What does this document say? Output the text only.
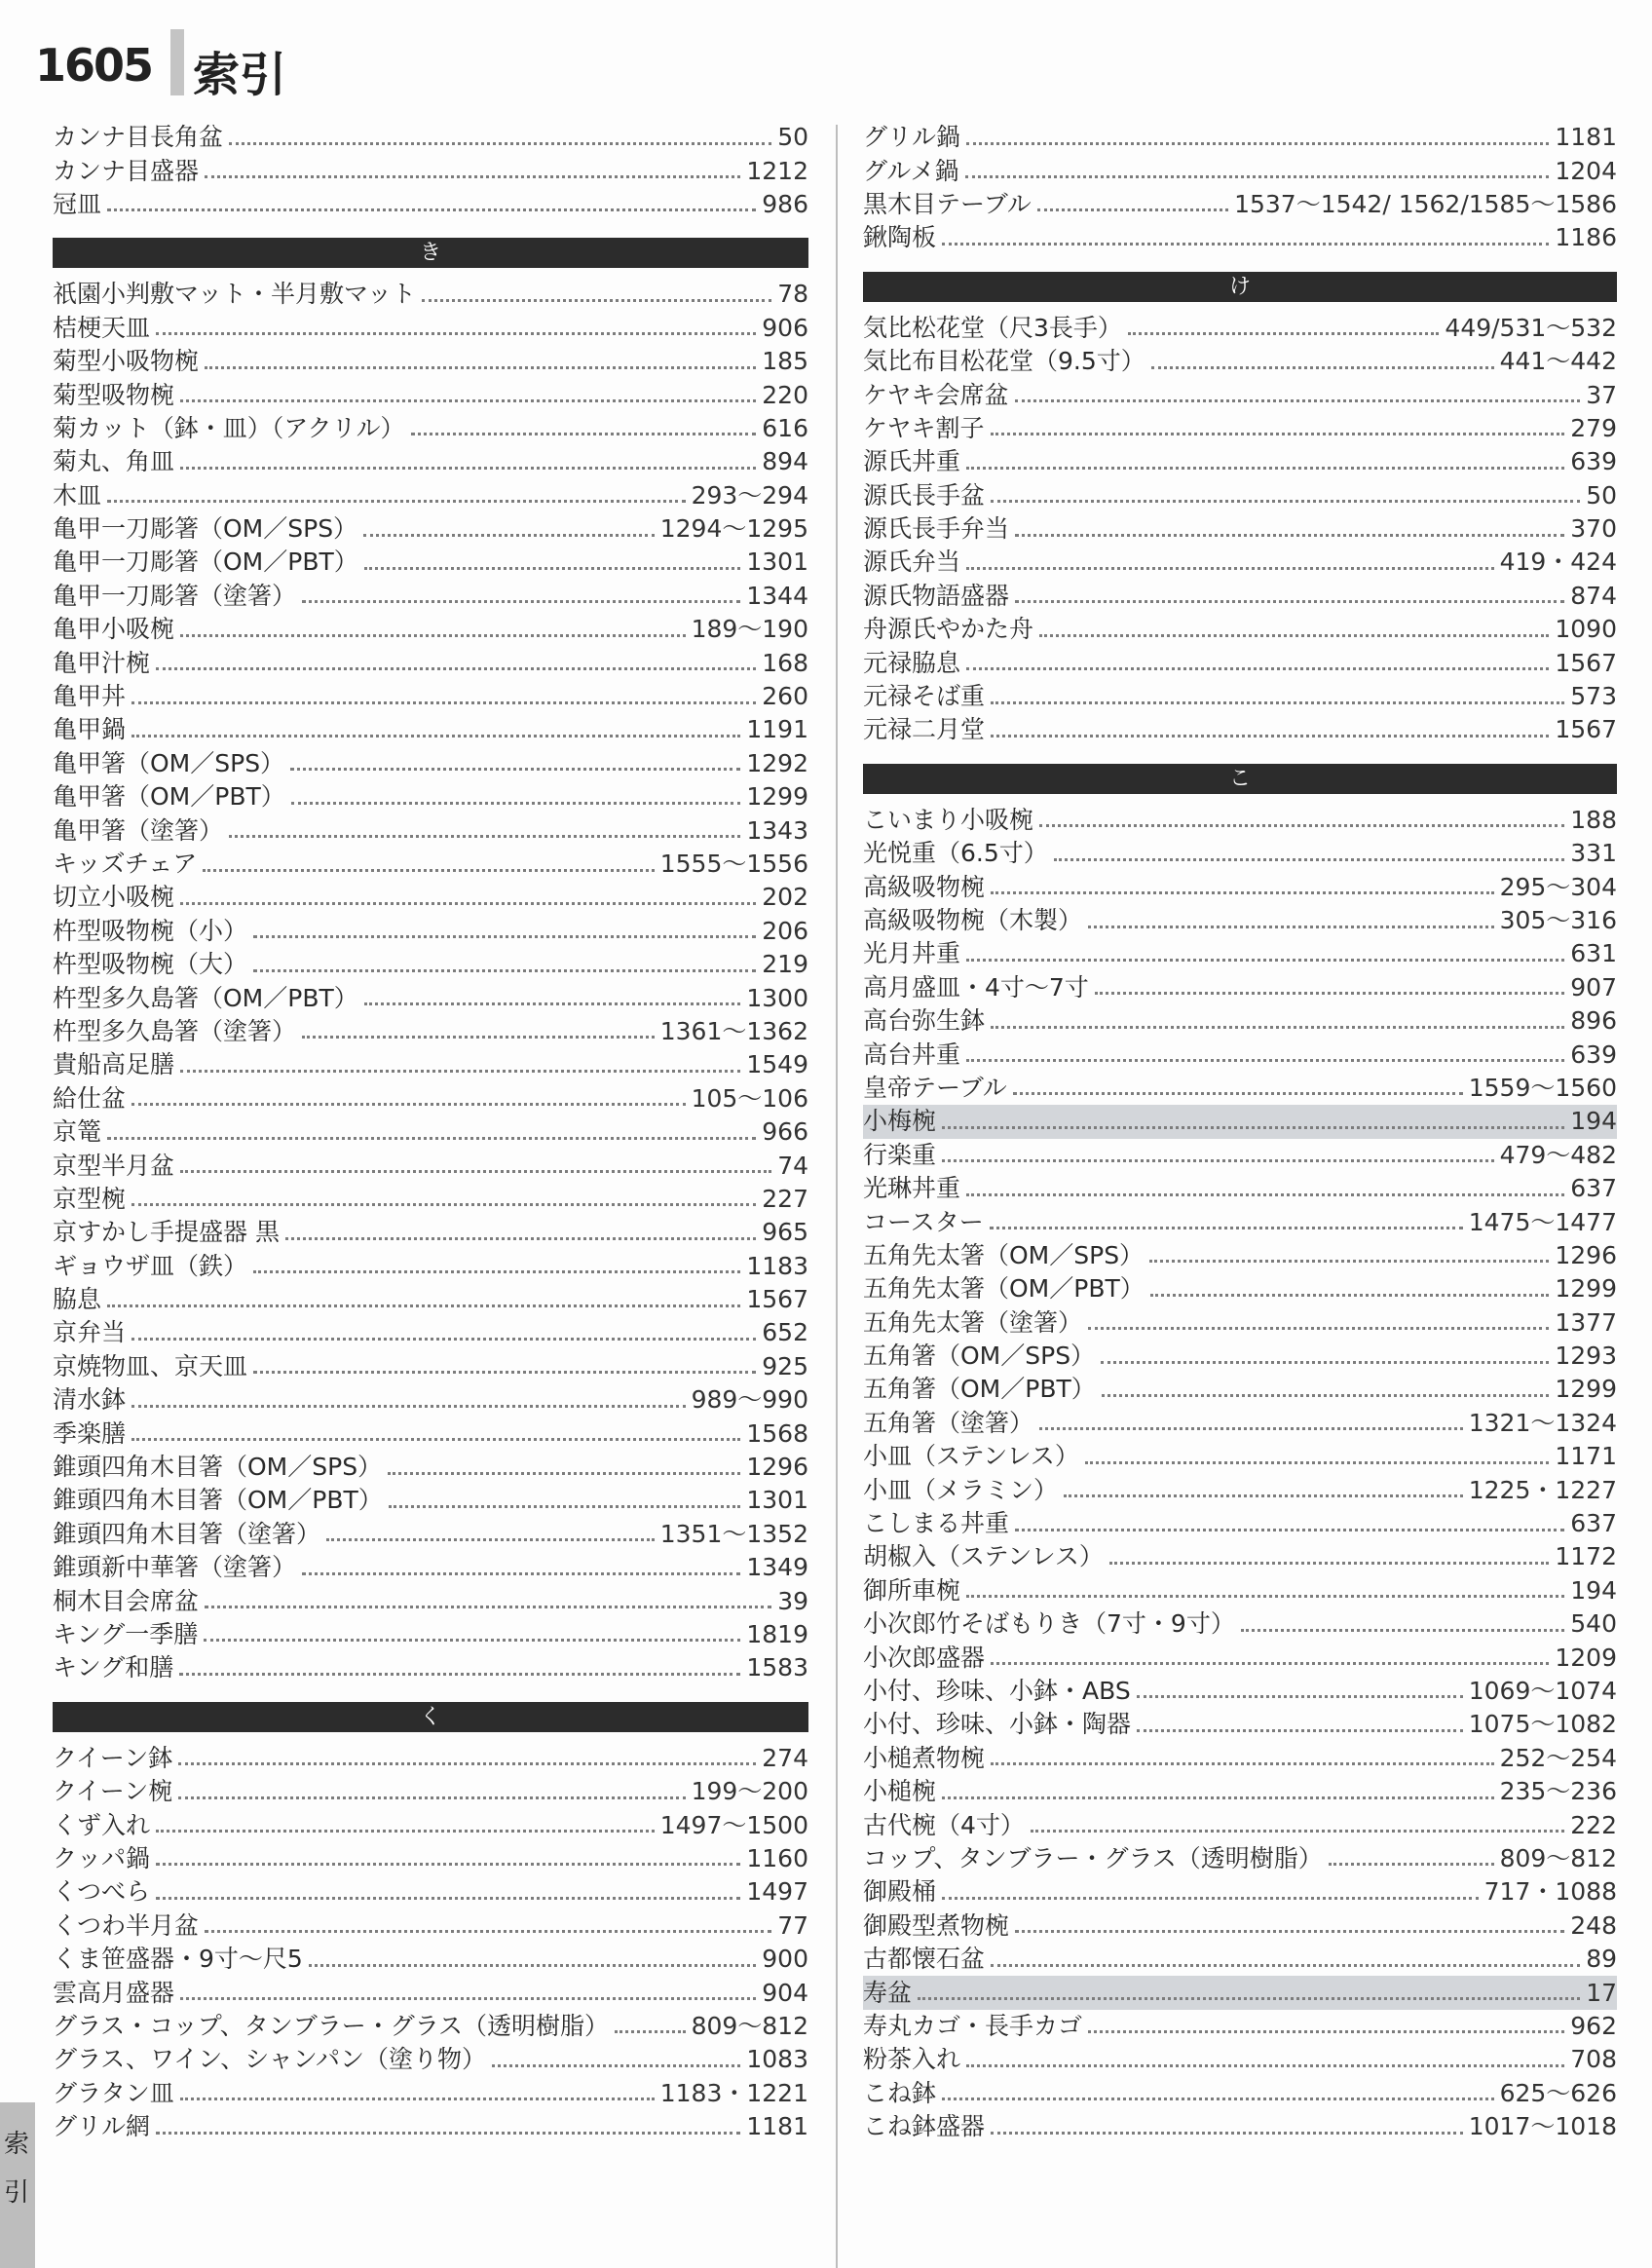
1605 索引
カンナ目長角盆	50
カンナ目盛器	1212
冠皿	986
き
祇園小判敷マット・半月敷マット	78
桔梗天皿	906
菊型小吸物椀	185
菊型吸物椀	220
菊カット（鉢・皿）（アクリル）	616
菊丸、角皿	894
木皿	293〜294
亀甲一刀彫箸（OM／SPS）	1294〜1295
亀甲一刀彫箸（OM／PBT）	1301
亀甲一刀彫箸（塗箸）	1344
亀甲小吸椀	189〜190
亀甲汁椀	168
亀甲丼	260
亀甲鍋	1191
亀甲箸（OM／SPS）	1292
亀甲箸（OM／PBT）	1299
亀甲箸（塗箸）	1343
キッズチェア	1555〜1556
切立小吸椀	202
杵型吸物椀（小）	206
杵型吸物椀（大）	219
杵型多久島箸（OM／PBT）	1300
杵型多久島箸（塗箸）	1361〜1362
貴船高足膳	1549
給仕盆	105〜106
京篭	966
京型半月盆	74
京型椀	227
京すかし手提盛器 黒	965
ギョウザ皿（鉄）	1183
脇息	1567
京弁当	652
京焼物皿、京天皿	925
清水鉢	989〜990
季楽膳	1568
錐頭四角木目箸（OM／SPS）	1296
錐頭四角木目箸（OM／PBT）	1301
錐頭四角木目箸（塗箸）	1351〜1352
錐頭新中華箸（塗箸）	1349
桐木目会席盆	39
キング一季膳	1819
キング和膳	1583
く
クイーン鉢	274
クイーン椀	199〜200
くず入れ	1497〜1500
クッパ鍋	1160
くつべら	1497
くつわ半月盆	77
くま笹盛器・9寸〜尺5	900
雲高月盛器	904
グラス・コップ、タンブラー・グラス（透明樹脂）	809〜812
グラス、ワイン、シャンパン（塗り物）	1083
グラタン皿	1183・1221
グリル網	1181
グリル鍋	1181
グルメ鍋	1204
黒木目テーブル	1537〜1542/ 1562/1585〜1586
鍬陶板	1186
け
気比松花堂（尺3長手）	449/531〜532
気比布目松花堂（9.5寸）	441〜442
ケヤキ会席盆	37
ケヤキ割子	279
源氏丼重	639
源氏長手盆	50
源氏長手弁当	370
源氏弁当	419・424
源氏物語盛器	874
舟源氏やかた舟	1090
元禄脇息	1567
元禄そば重	573
元禄二月堂	1567
こ
こいまり小吸椀	188
光悦重（6.5寸）	331
高級吸物椀	295〜304
高級吸物椀（木製）	305〜316
光月丼重	631
高月盛皿・4寸〜7寸	907
高台弥生鉢	896
高台丼重	639
皇帝テーブル	1559〜1560
小梅椀	194
行楽重	479〜482
光琳丼重	637
コースター	1475〜1477
五角先太箸（OM／SPS）	1296
五角先太箸（OM／PBT）	1299
五角先太箸（塗箸）	1377
五角箸（OM／SPS）	1293
五角箸（OM／PBT）	1299
五角箸（塗箸）	1321〜1324
小皿（ステンレス）	1171
小皿（メラミン）	1225・1227
こしまる丼重	637
胡椒入（ステンレス）	1172
御所車椀	194
小次郎竹そばもりき（7寸・9寸）	540
小次郎盛器	1209
小付、珍味、小鉢・ABS	1069〜1074
小付、珍味、小鉢・陶器	1075〜1082
小槌煮物椀	252〜254
小槌椀	235〜236
古代椀（4寸）	222
コップ、タンブラー・グラス（透明樹脂）	809〜812
御殿桶	717・1088
御殿型煮物椀	248
古都懐石盆	89
寿盆	17
寿丸カゴ・長手カゴ	962
粉茶入れ	708
こね鉢	625〜626
こね鉢盛器	1017〜1018
索
引
